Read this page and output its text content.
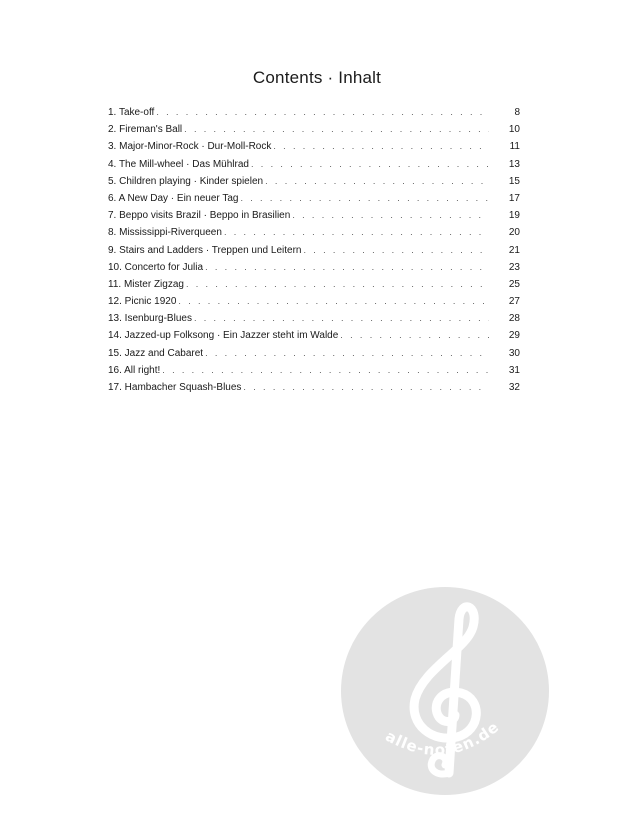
Contents · Inhalt
1. Take-off . . .	8
2. Fireman's Ball . . .	10
3. Major-Minor-Rock · Dur-Moll-Rock . . .	11
4. The Mill-wheel · Das Mühlrad . . .	13
5. Children playing · Kinder spielen . . .	15
6. A New Day · Ein neuer Tag . . .	17
7. Beppo visits Brazil · Beppo in Brasilien . . .	19
8. Mississippi-Riverqueen . . .	20
9. Stairs and Ladders · Treppen und Leitern . . .	21
10. Concerto for Julia . . .	23
11. Mister Zigzag . . .	25
12. Picnic 1920 . . .	27
13. Isenburg-Blues . . .	28
14. Jazzed-up Folksong · Ein Jazzer steht im Walde . . .	29
15. Jazz and Cabaret . . .	30
16. All right! . . .	31
17. Hambacher Squash-Blues . . .	32
alle-noten.de
